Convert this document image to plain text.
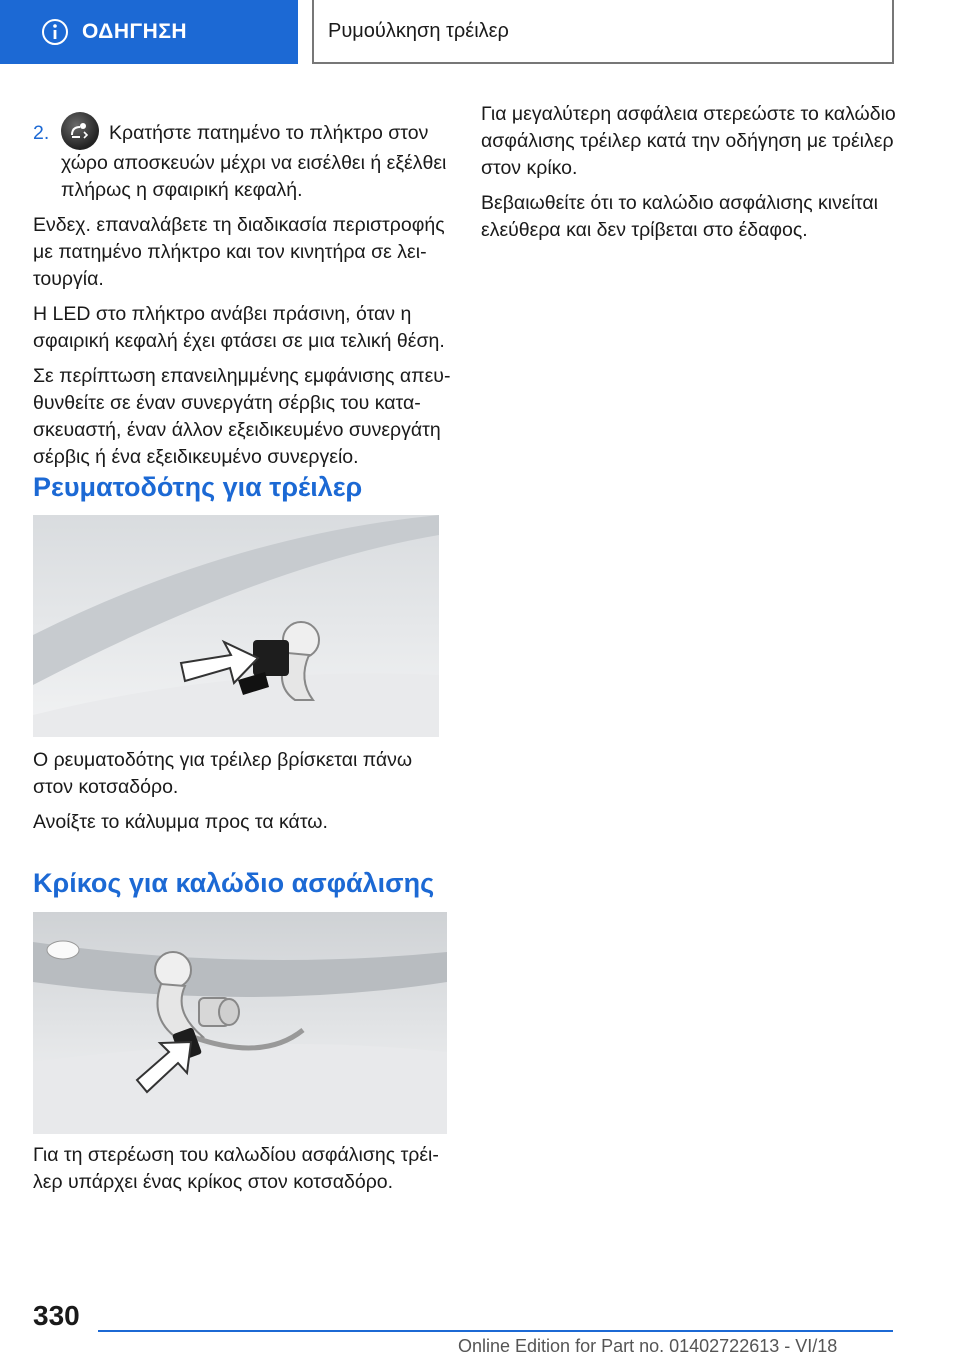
ΟΔΗΓΗΣΗ	Ρυμούλκηση τρέιλερ
2.	Κρατήστε πατημένο το πλήκτρο στον χώρο αποσκευών μέχρι να εισέλθει ή εξέλθει πλήρως η σφαιρική κεφαλή.

Ενδεχ. επαναλάβετε τη διαδικασία περιστροφής με πατημένο πλήκτρο και τον κινητήρα σε λειτουργία.

Η LED στο πλήκτρο ανάβει πράσινη, όταν η σφαιρική κεφαλή έχει φτάσει σε μια τελική θέση.

Σε περίπτωση επανειλημμένης εμφάνισης απευθυνθείτε σε έναν συνεργάτη σέρβις του κατασκευαστή, έναν άλλον εξειδικευμένο συνεργάτη σέρβις ή ένα εξειδικευμένο συνεργείο.

Ρευματοδότης για τρέιλερ

Ο ρευματοδότης για τρέιλερ βρίσκεται πάνω στον κοτσαδόρο.

Ανοίξτε το κάλυμμα προς τα κάτω.

Κρίκος για καλώδιο ασφάλισης

Για τη στερέωση του καλωδίου ασφάλισης τρέιλερ υπάρχει ένας κρίκος στον κοτσαδόρο.

Για μεγαλύτερη ασφάλεια στερεώστε το καλώδιο ασφάλισης τρέιλερ κατά την οδήγηση με τρέιλερ στον κρίκο.

Βεβαιωθείτε ότι το καλώδιο ασφάλισης κινείται ελεύθερα και δεν τρίβεται στο έδαφος.

330
Online Edition for Part no. 01402722613 - VI/18
